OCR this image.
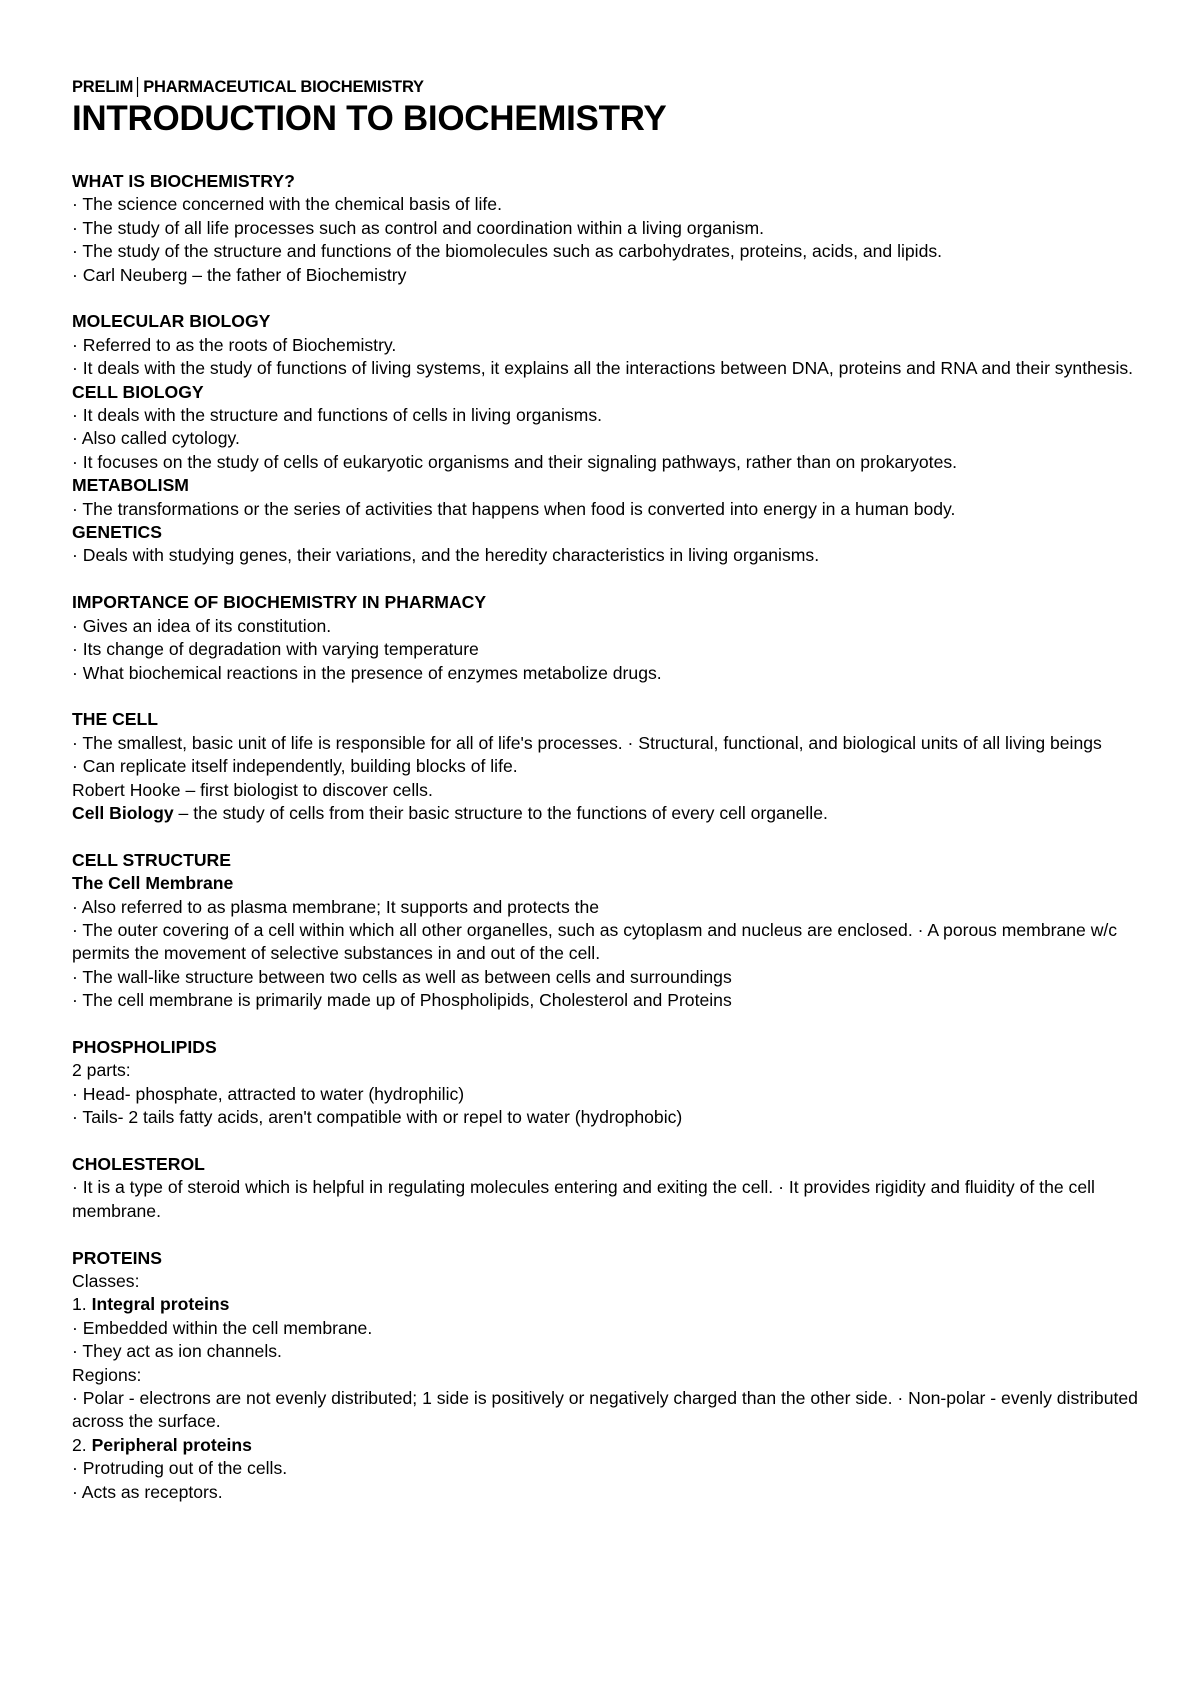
PRELIM│PHARMACEUTICAL BIOCHEMISTRY
INTRODUCTION TO BIOCHEMISTRY
WHAT IS BIOCHEMISTRY?
· The science concerned with the chemical basis of life.
· The study of all life processes such as control and coordination within a living organism.
· The study of the structure and functions of the biomolecules such as carbohydrates, proteins, acids, and lipids.
· Carl Neuberg – the father of Biochemistry
MOLECULAR BIOLOGY
· Referred to as the roots of Biochemistry.
· It deals with the study of functions of living systems, it explains all the interactions between DNA, proteins and RNA and their synthesis.
CELL BIOLOGY
· It deals with the structure and functions of cells in living organisms.
· Also called cytology.
· It focuses on the study of cells of eukaryotic organisms and their signaling pathways, rather than on prokaryotes.
METABOLISM
· The transformations or the series of activities that happens when food is converted into energy in a human body.
GENETICS
· Deals with studying genes, their variations, and the heredity characteristics in living organisms.
IMPORTANCE OF BIOCHEMISTRY IN PHARMACY
· Gives an idea of its constitution.
· Its change of degradation with varying temperature
· What biochemical reactions in the presence of enzymes metabolize drugs.
THE CELL
· The smallest, basic unit of life is responsible for all of life's processes. · Structural, functional, and biological units of all living beings
· Can replicate itself independently, building blocks of life.
Robert Hooke – first biologist to discover cells.
Cell Biology – the study of cells from their basic structure to the functions of every cell organelle.
CELL STRUCTURE
The Cell Membrane
· Also referred to as plasma membrane; It supports and protects the
· The outer covering of a cell within which all other organelles, such as cytoplasm and nucleus are enclosed. · A porous membrane w/c permits the movement of selective substances in and out of the cell.
· The wall-like structure between two cells as well as between cells and surroundings
· The cell membrane is primarily made up of Phospholipids, Cholesterol and Proteins
PHOSPHOLIPIDS
2 parts:
· Head- phosphate, attracted to water (hydrophilic)
· Tails- 2 tails fatty acids, aren't compatible with or repel to water (hydrophobic)
CHOLESTEROL
· It is a type of steroid which is helpful in regulating molecules entering and exiting the cell. · It provides rigidity and fluidity of the cell membrane.
PROTEINS
Classes:
1. Integral proteins
· Embedded within the cell membrane.
· They act as ion channels.
Regions:
· Polar - electrons are not evenly distributed; 1 side is positively or negatively charged than the other side. · Non-polar - evenly distributed across the surface.
2. Peripheral proteins
· Protruding out of the cells.
· Acts as receptors.
